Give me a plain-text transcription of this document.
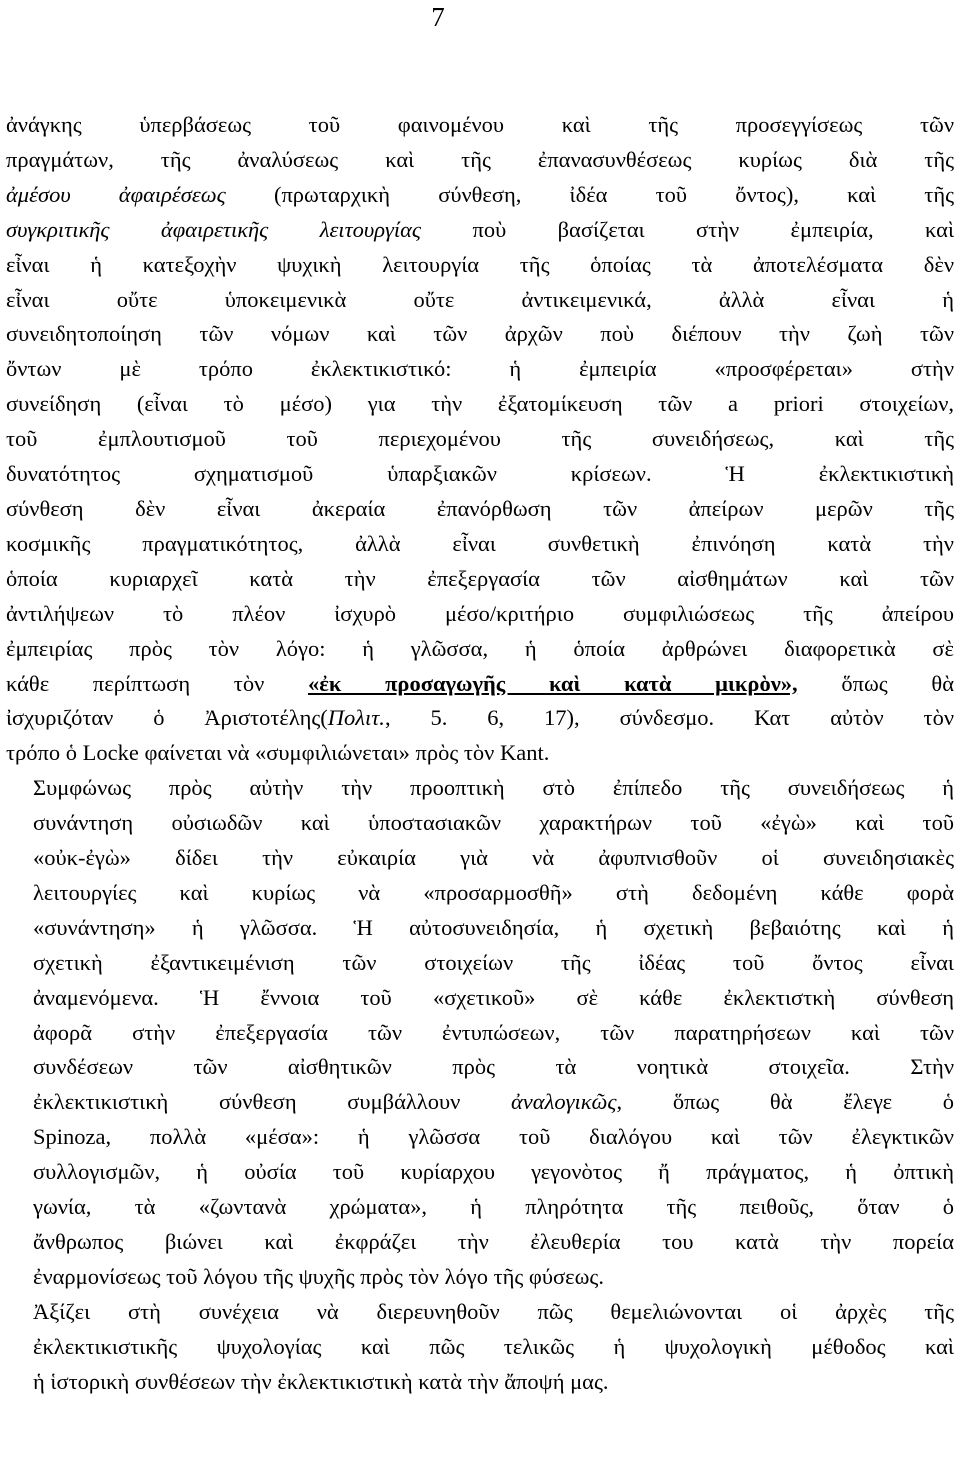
7

ἀνάγκης ὑπερβάσεως τοῦ φαινομένου καὶ τῆς προσεγγίσεως τῶν
πραγμάτων, τῆς ἀναλύσεως καὶ τῆς ἐπανασυνθέσεως κυρίως διὰ τῆς
ἀμέσου ἀφαιρέσεως (πρωταρχικὴ σύνθεση, ἰδέα τοῦ ὄντος), καὶ τῆς
συγκριτικῆς ἀφαιρετικῆς λειτουργίας ποὺ βασίζεται στὴν ἐμπειρία, καὶ
εἶναι ἡ κατεξοχὴν ψυχικὴ λειτουργία τῆς ὁποίας τὰ ἀποτελέσματα δὲν
εἶναι οὔτε ὑποκειμενικὰ οὔτε ἀντικειμενικά, ἀλλὰ εἶναι ἡ
συνειδητοποίηση τῶν νόμων καὶ τῶν ἀρχῶν ποὺ διέπουν τὴν ζωὴ τῶν
ὄντων μὲ τρόπο ἐκλεκτικιστικό: ἡ ἐμπειρία «προσφέρεται» στὴν
συνείδηση (εἶναι τὸ μέσο) για τὴν ἐξατομίκευση τῶν a priori στοιχείων,
τοῦ ἐμπλουτισμοῦ τοῦ περιεχομένου τῆς συνειδήσεως, καὶ τῆς
δυνατότητος σχηματισμοῦ ὑπαρξιακῶν κρίσεων. Ἡ ἐκλεκτικιστικὴ
σύνθεση δὲν εἶναι ἀκεραία ἐπανόρθωση τῶν ἀπείρων μερῶν τῆς
κοσμικῆς πραγματικότητος, ἀλλὰ εἶναι συνθετικὴ ἐπινόηση κατὰ τὴν
ὁποία κυριαρχεῖ κατὰ τὴν ἐπεξεργασία τῶν αἰσθημάτων καὶ τῶν
ἀντιλήψεων τὸ πλέον ἰσχυρὸ μέσο/κριτήριο συμφιλιώσεως τῆς ἀπείρου
ἐμπειρίας πρὸς τὸν λόγο: ἡ γλῶσσα, ἡ ὁποία ἀρθρώνει διαφορετικὰ σὲ
κάθε περίπτωση τὸν «ἐκ προσαγωγῆς καὶ κατὰ μικρὸν», ὅπως θὰ
ἰσχυριζόταν ὁ Ἀριστοτέλης(Πολιτ., 5. 6, 17), σύνδεσμο. Κατ αὐτὸν τὸν
τρόπο ὁ Locke φαίνεται νὰ «συμφιλιώνεται» πρὸς τὸν Kant.

Συμφώνως πρὸς αὐτὴν τὴν προοπτικὴ στὸ ἐπίπεδο τῆς συνειδήσεως ἡ
συνάντηση οὐσιωδῶν καὶ ὑποστασιακῶν χαρακτήρων τοῦ «ἐγὼ» καὶ τοῦ
«οὐκ-ἐγὼ» δίδει τὴν εὐκαιρία γιὰ νὰ ἀφυπνισθοῦν οἱ συνειδησιακὲς
λειτουργίες καὶ κυρίως νὰ «προσαρμοσθῆ» στὴ δεδομένη κάθε φορὰ
«συνάντηση» ἡ γλῶσσα. Ἡ αὐτοσυνειδησία, ἡ σχετικὴ βεβαιότης καὶ ἡ
σχετικὴ ἐξαντικειμένιση τῶν στοιχείων τῆς ἰδέας τοῦ ὄντος εἶναι
ἀναμενόμενα. Ἡ ἔννοια τοῦ «σχετικοῦ» σὲ κάθε ἐκλεκτιστκὴ σύνθεση
ἀφορᾶ στὴν ἐπεξεργασία τῶν ἐντυπώσεων, τῶν παρατηρήσεων καὶ τῶν
συνδέσεων τῶν αἰσθητικῶν πρὸς τὰ νοητικὰ στοιχεῖα. Στὴν
ἐκλεκτικιστικὴ σύνθεση συμβάλλουν ἀναλογικῶς, ὅπως θὰ ἔλεγε ὁ
Spinoza, πολλὰ «μέσα»: ἡ γλῶσσα τοῦ διαλόγου καὶ τῶν ἐλεγκτικῶν
συλλογισμῶν, ἡ οὐσία τοῦ κυρίαρχου γεγονὸτος ἤ πράγματος, ἡ ὀπτικὴ
γωνία, τὰ «ζωντανὰ χρώματα», ἡ πληρότητα τῆς πειθοῦς, ὅταν ὁ
ἄνθρωπος βιώνει καὶ ἐκφράζει τὴν ἐλευθερία του κατὰ τὴν πορεία
ἐναρμονίσεως τοῦ λόγου τῆς ψυχῆς πρὸς τὸν λόγο τῆς φύσεως.

Ἀξίζει στὴ συνέχεια νὰ διερευνηθοῦν πῶς θεμελιώνονται οἱ ἀρχὲς τῆς
ἐκλεκτικιστικῆς ψυχολογίας καὶ πῶς τελικῶς ἡ ψυχολογικὴ μέθοδος καὶ
ἡ ἱστορικὴ συνθέσεων τὴν ἐκλεκτικιστικὴ κατὰ τὴν ἄποψή μας.
